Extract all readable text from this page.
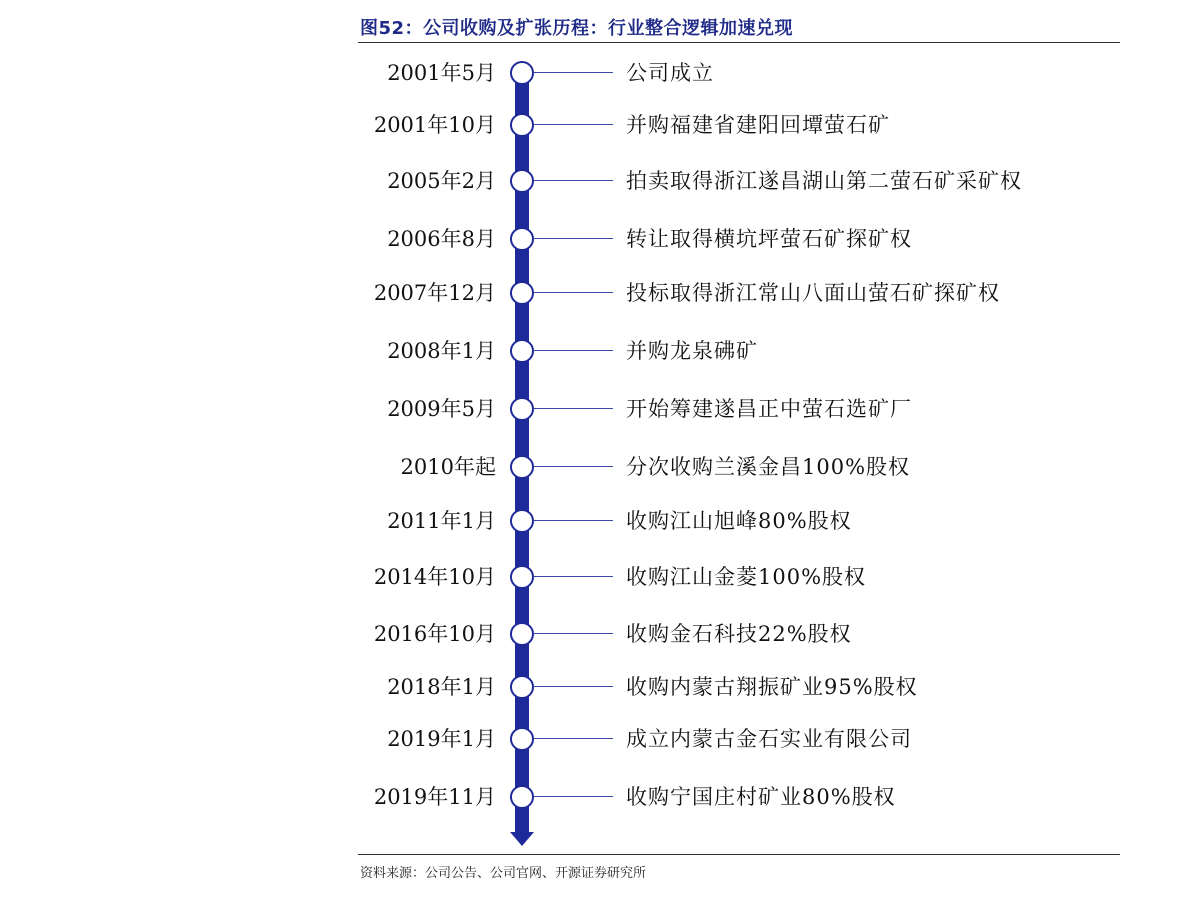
图52：公司收购及扩张历程：行业整合逻辑加速兑现
2001年5月	公司成立
2001年10月	并购福建省建阳回墰萤石矿
2005年2月	拍卖取得浙江遂昌湖山第二萤石矿采矿权
2006年8月	转让取得横坑坪萤石矿探矿权
2007年12月	投标取得浙江常山八面山萤石矿探矿权
2008年1月	并购龙泉砩矿
2009年5月	开始筹建遂昌正中萤石选矿厂
2010年起	分次收购兰溪金昌100%股权
2011年1月	收购江山旭峰80%股权
2014年10月	收购江山金菱100%股权
2016年10月	收购金石科技22%股权
2018年1月	收购内蒙古翔振矿业95%股权
2019年1月	成立内蒙古金石实业有限公司
2019年11月	收购宁国庄村矿业80%股权
资料来源：公司公告、公司官网、开源证券研究所
